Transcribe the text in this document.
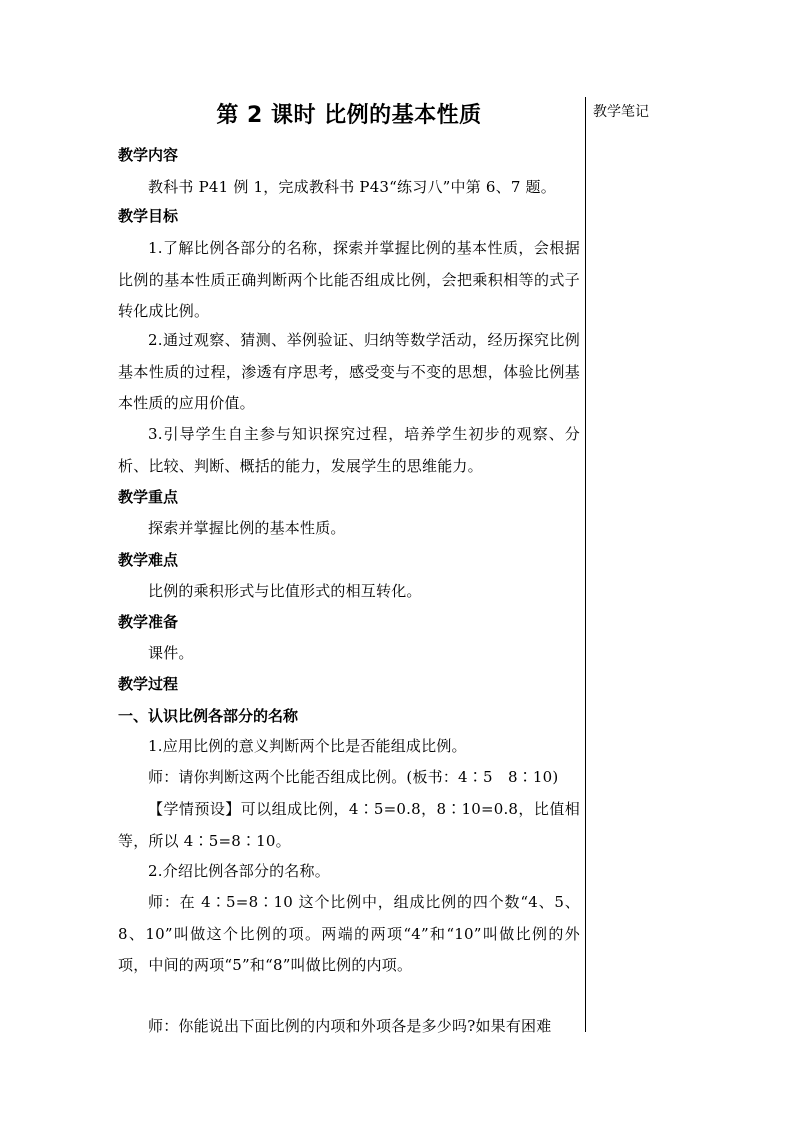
教学笔记
第 2 课时 比例的基本性质
教学内容
教科书 P41 例 1，完成教科书 P43“练习八”中第 6、7 题。
教学目标
1.了解比例各部分的名称，探索并掌握比例的基本性质，会根据比例的基本性质正确判断两个比能否组成比例，会把乘积相等的式子转化成比例。
2.通过观察、猜测、举例验证、归纳等数学活动，经历探究比例基本性质的过程，渗透有序思考，感受变与不变的思想，体验比例基本性质的应用价值。
3.引导学生自主参与知识探究过程，培养学生初步的观察、分析、比较、判断、概括的能力，发展学生的思维能力。
教学重点
探索并掌握比例的基本性质。
教学难点
比例的乘积形式与比值形式的相互转化。
教学准备
课件。
教学过程
一、认识比例各部分的名称
1.应用比例的意义判断两个比是否能组成比例。
师：请你判断这两个比能否组成比例。(板书：4∶5　8∶10)
【学情预设】可以组成比例，4∶5=0.8，8∶10=0.8，比值相等，所以 4∶5=8∶10。
2.介绍比例各部分的名称。
师：在 4∶5=8∶10 这个比例中，组成比例的四个数“4、5、8、10”叫做这个比例的项。两端的两项“4”和“10”叫做比例的外项，中间的两项“5”和“8”叫做比例的内项。
师：你能说出下面比例的内项和外项各是多少吗?如果有困难
